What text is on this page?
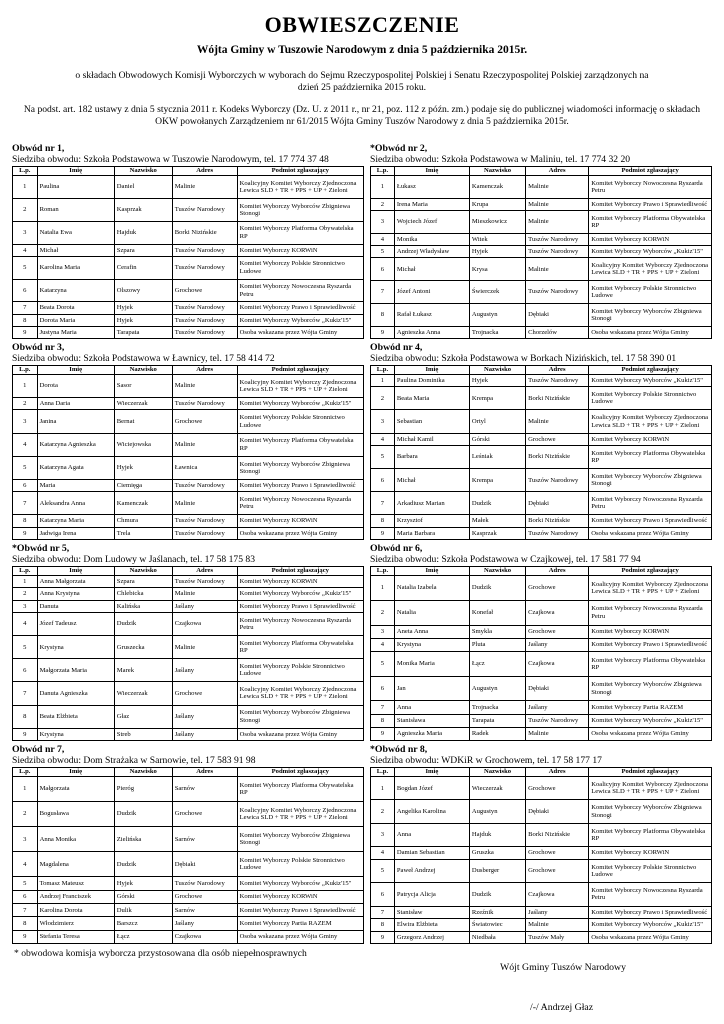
OBWIESZCZENIE
Wójta Gminy w Tuszowie Narodowym z dnia 5 października 2015r.
o składach Obwodowych Komisji Wyborczych w wyborach do Sejmu Rzeczypospolitej Polskiej i Senatu Rzeczypospolitej Polskiej zarządzonych na dzień 25 października 2015 roku.
Na podst. art. 182 ustawy z dnia 5 stycznia 2011 r. Kodeks Wyborczy (Dz. U. z 2011 r., nr 21, poz. 112 z późn. zm.) podaje się do publicznej wiadomości informację o składach OKW powołanych Zarządzeniem nr 61/2015 Wójta Gminy Tuszów Narodowy z dnia 5 października 2015r.
Obwód nr 1,
Siedziba obwodu: Szkoła Podstawowa w Tuszowie Narodowym, tel. 17 774 37 48
L.p.	Imię	Nazwisko	Adres	Podmiot zgłaszający
1	Paulina	Daniel	Malinie	Koalicyjny Komitet Wyborczy Zjednoczona Lewica SLD + TR + PPS + UP + Zieloni
2	Roman	Kasprzak	Tuszów Narodowy	Komitet Wyborczy Wyborców Zbigniewa Stonogi
3	Natalia Ewa	Hajduk	Borki Nizińskie	Komitet Wyborczy Platforma Obywatelska RP
4	Michał	Szpara	Tuszów Narodowy	Komitet Wyborczy KORWiN
5	Karolina Maria	Cerafin	Tuszów Narodowy	Komitet Wyborczy Polskie Stronnictwo Ludowe
6	Katarzyna	Olszowy	Grochowe	Komitet Wyborczy Nowoczesna Ryszarda Petru
7	Beata Dorota	Hyjek	Tuszów Narodowy	Komitet Wyborczy Prawo i Sprawiedliwość
8	Dorota Maria	Hyjek	Tuszów Narodowy	Komitet Wyborczy Wyborców „Kukiz'15"
9	Justyna Maria	Tarapata	Tuszów Narodowy	Osoba wskazana przez Wójta Gminy
*Obwód nr 2,
Siedziba obwodu: Szkoła Podstawowa w Maliniu, tel. 17 774 32 20
L.p.	Imię	Nazwisko	Adres	Podmiot zgłaszający
1	Łukasz	Kamenczak	Malinie	Komitet Wyborczy Nowoczesna Ryszarda Petru
2	Irena Maria	Krupa	Malinie	Komitet Wyborczy Prawo i Sprawiedliwość
3	Wojciech Józef	Mieszkowicz	Malinie	Komitet Wyborczy Platforma Obywatelska RP
4	Monika	Witek	Tuszów Narodowy	Komitet Wyborczy KORWiN
5	Andrzej Władysław	Hyjek	Tuszów Narodowy	Komitet Wyborczy Wyborców „Kukiz'15"
6	Michał	Krysa	Malinie	Koalicyjny Komitet Wyborczy Zjednoczona Lewica SLD + TR + PPS + UP + Zieloni
7	Józef Antoni	Świerczek	Tuszów Narodowy	Komitet Wyborczy Polskie Stronnictwo Ludowe
8	Rafał Łukasz	Augustyn	Dębiaki	Komitet Wyborczy Wyborców Zbigniewa Stonogi
9	Agnieszka Anna	Trojnacka	Chorzelów	Osoba wskazana przez Wójta Gminy
Obwód nr 3,
Siedziba obwodu: Szkoła Podstawowa w Ławnicy, tel. 17 58 414 72
L.p.	Imię	Nazwisko	Adres	Podmiot zgłaszający
1	Dorota	Sasor	Malinie	Koalicyjny Komitet Wyborczy Zjednoczona Lewica SLD + TR + PPS + UP + Zieloni
2	Anna Daria	Wieczerzak	Tuszów Narodowy	Komitet Wyborczy Wyborców „Kukiz'15"
3	Janina	Bernat	Grochowe	Komitet Wyborczy Polskie Stronnictwo Ludowe
4	Katarzyna Agnieszka	Wiciejowska	Malinie	Komitet Wyborczy Platforma Obywatelska RP
5	Katarzyna Agata	Hyjek	Ławnica	Komitet Wyborczy Wyborców Zbigniewa Stonogi
6	Maria	Ciemięga	Tuszów Narodowy	Komitet Wyborczy Prawo i Sprawiedliwość
7	Aleksandra Anna	Kamenczak	Malinie	Komitet Wyborczy Nowoczesna Ryszarda Petru
8	Katarzyna Maria	Chmura	Tuszów Narodowy	Komitet Wyborczy KORWiN
9	Jadwiga Irena	Trela	Tuszów Narodowy	Osoba wskazana przez Wójta Gminy
Obwód nr 4,
Siedziba obwodu: Szkoła Podstawowa w Borkach Nizińskich, tel. 17 58 390 01
L.p.	Imię	Nazwisko	Adres	Podmiot zgłaszający
1	Paulina Dominika	Hyjek	Tuszów Narodowy	Komitet Wyborczy Wyborców „Kukiz'15"
2	Beata Maria	Krempa	Borki Nizińskie	Komitet Wyborczy Polskie Stronnictwo Ludowe
3	Sebastian	Ortyl	Malinie	Koalicyjny Komitet Wyborczy Zjednoczona Lewica SLD + TR + PPS + UP + Zieloni
4	Michał Kamil	Górski	Grochowe	Komitet Wyborczy KORWiN
5	Barbara	Leśniak	Borki Nizińskie	Komitet Wyborczy Platforma Obywatelska RP
6	Michał	Krempa	Tuszów Narodowy	Komitet Wyborczy Wyborców Zbigniewa Stonogi
7	Arkadiusz Marian	Dudzik	Dębiaki	Komitet Wyborczy Nowoczesna Ryszarda Petru
8	Krzysztof	Małek	Borki Nizińskie	Komitet Wyborczy Prawo i Sprawiedliwość
9	Maria Barbara	Kasprzak	Tuszów Narodowy	Osoba wskazana przez Wójta Gminy
*Obwód nr 5,
Siedziba obwodu: Dom Ludowy w Jaślanach, tel. 17 58 175 83
L.p.	Imię	Nazwisko	Adres	Podmiot zgłaszający
1	Anna Małgorzata	Szpara	Tuszów Narodowy	Komitet Wyborczy KORWiN
2	Anna Krystyna	Chlebicka	Malinie	Komitet Wyborczy Wyborców „Kukiz'15"
3	Danuta	Kalińska	Jaślany	Komitet Wyborczy Prawo i Sprawiedliwość
4	Józef Tadeusz	Dudzik	Czajkowa	Komitet Wyborczy Nowoczesna Ryszarda Petru
5	Krystyna	Gruszecka	Malinie	Komitet Wyborczy Platforma Obywatelska RP
6	Małgorzata Maria	Marek	Jaślany	Komitet Wyborczy Polskie Stronnictwo Ludowe
7	Danuta Agnieszka	Wieczerzak	Grochowe	Koalicyjny Komitet Wyborczy Zjednoczona Lewica SLD + TR + PPS + UP + Zieloni
8	Beata Elżbieta	Głaz	Jaślany	Komitet Wyborczy Wyborców Zbigniewa Stonogi
9	Krystyna	Streb	Jaślany	Osoba wskazana przez Wójta Gminy
Obwód nr 6,
Siedziba obwodu: Szkoła Podstawowa w Czajkowej, tel. 17 581 77 94
L.p.	Imię	Nazwisko	Adres	Podmiot zgłaszający
1	Natalia Izabela	Dudzik	Grochowe	Koalicyjny Komitet Wyborczy Zjednoczona Lewica SLD + TR + PPS + UP + Zieloni
2	Natalia	Konefał	Czajkowa	Komitet Wyborczy Nowoczesna Ryszarda Petru
3	Aneta Anna	Smykla	Grochowe	Komitet Wyborczy KORWiN
4	Krystyna	Pluta	Jaślany	Komitet Wyborczy Prawo i Sprawiedliwość
5	Monika Maria	Łącz	Czajkowa	Komitet Wyborczy Platforma Obywatelska RP
6	Jan	Augustyn	Dębiaki	Komitet Wyborczy Wyborców Zbigniewa Stonogi
7	Anna	Trojnacka	Jaślany	Komitet Wyborczy Partia RAZEM
8	Stanisława	Tarapata	Tuszów Narodowy	Komitet Wyborczy Wyborców „Kukiz'15"
9	Agnieszka Maria	Radek	Malinie	Osoba wskazana przez Wójta Gminy
Obwód nr 7,
Siedziba obwodu: Dom Strażaka w Sarnowie, tel. 17 583 91 98
L.p.	Imię	Nazwisko	Adres	Podmiot zgłaszający
1	Małgorzata	Pieróg	Sarnów	Komitet Wyborczy Platforma Obywatelska RP
2	Bogusława	Dudzik	Grochowe	Koalicyjny Komitet Wyborczy Zjednoczona Lewica SLD + TR + PPS + UP + Zieloni
3	Anna Monika	Zielińska	Sarnów	Komitet Wyborczy Wyborców Zbigniewa Stonogi
4	Magdalena	Dudzik	Dębiaki	Komitet Wyborczy Polskie Stronnictwo Ludowe
5	Tomasz Mateusz	Hyjek	Tuszów Narodowy	Komitet Wyborczy Wyborców „Kukiz'15"
6	Andrzej Franciszek	Górski	Grochowe	Komitet Wyborczy KORWiN
7	Karolina Dorota	Dulik	Sarnów	Komitet Wyborczy Prawo i Sprawiedliwość
8	Włodzimierz	Barszcz	Jaślany	Komitet Wyborczy Partia RAZEM
9	Stefania Teresa	Łącz	Czajkowa	Osoba wskazana przez Wójta Gminy
*Obwód nr 8,
Siedziba obwodu: WDKiR w Grochowem, tel. 17 58 177 17
L.p.	Imię	Nazwisko	Adres	Podmiot zgłaszający
1	Bogdan Józef	Wieczerzak	Grochowe	Koalicyjny Komitet Wyborczy Zjednoczona Lewica SLD + TR + PPS + UP + Zieloni
2	Angelika Karolina	Augustyn	Dębiaki	Komitet Wyborczy Wyborców Zbigniewa Stonogi
3	Anna	Hajduk	Borki Nizińskie	Komitet Wyborczy Platforma Obywatelska RP
4	Damian Sebastian	Gruszka	Grochowe	Komitet Wyborczy KORWiN
5	Paweł Andrzej	Dusberger	Grochowe	Komitet Wyborczy Polskie Stronnictwo Ludowe
6	Patrycja Alicja	Dudzik	Czajkowa	Komitet Wyborczy Nowoczesna Ryszarda Petru
7	Stanisław	Rzeźnik	Jaślany	Komitet Wyborczy Prawo i Sprawiedliwość
8	Elwira Elżbieta	Światowiec	Malinie	Komitet Wyborczy Wyborców „Kukiz'15"
9	Grzegorz Andrzej	Niedbała	Tuszów Mały	Osoba wskazana przez Wójta Gminy
* obwodowa komisja wyborcza przystosowana dla osób niepełnosprawnych
Wójt Gminy Tuszów Narodowy
/-/ Andrzej Głaz
